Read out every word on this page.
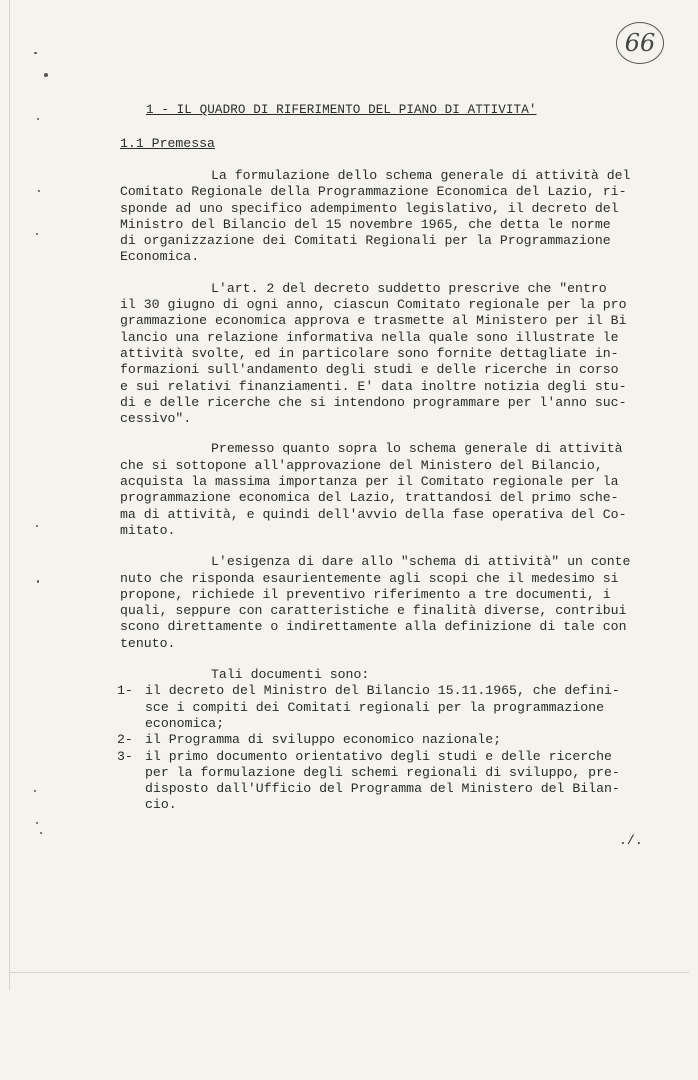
66
1 - IL QUADRO DI RIFERIMENTO DEL PIANO DI ATTIVITA'
1.1 Premessa

La formulazione dello schema generale di attività del
Comitato Regionale della Programmazione Economica del Lazio, ri-
sponde ad uno specifico adempimento legislativo, il decreto del
Ministro del Bilancio del 15 novembre 1965, che detta le norme
di organizzazione dei Comitati Regionali per la Programmazione
Economica.

L'art. 2 del decreto suddetto prescrive che "entro
il 30 giugno di ogni anno, ciascun Comitato regionale per la pro
grammazione economica approva e trasmette al Ministero per il Bi
lancio una relazione informativa nella quale sono illustrate le
attività svolte, ed in particolare sono fornite dettagliate in-
formazioni sull'andamento degli studi e delle ricerche in corso
e sui relativi finanziamenti. E' data inoltre notizia degli stu-
di e delle ricerche che si intendono programmare per l'anno suc-
cessivo".

Premesso quanto sopra lo schema generale di attività
che si sottopone all'approvazione del Ministero del Bilancio,
acquista la massima importanza per il Comitato regionale per la
programmazione economica del Lazio, trattandosi del primo sche-
ma di attività, e quindi dell'avvio della fase operativa del Co-
mitato.

L'esigenza di dare allo "schema di attività" un conte
nuto che risponda esaurientemente agli scopi che il medesimo si
propone, richiede il preventivo riferimento a tre documenti, i
quali, seppure con caratteristiche e finalità diverse, contribui
scono direttamente o indirettamente alla definizione di tale con
tenuto.

Tali documenti sono:

1- il decreto del Ministro del Bilancio 15.11.1965, che defini-
sce i compiti dei Comitati regionali per la programmazione
economica;
2- il Programma di sviluppo economico nazionale;
3- il primo documento orientativo degli studi e delle ricerche
per la formulazione degli schemi regionali di sviluppo, pre-
disposto dall'Ufficio del Programma del Ministero del Bilan-
cio.
./.
